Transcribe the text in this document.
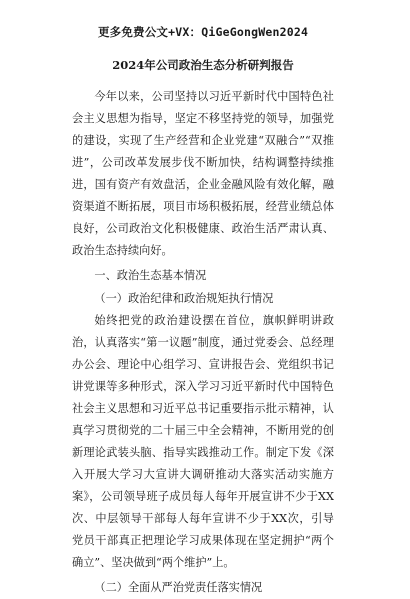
更多免费公文+VX：QiGeGongWen2024

2024年公司政治生态分析研判报告

今年以来，公司坚持以习近平新时代中国特色社会主义思想为指导，坚定不移坚持党的领导，加强党的建设，实现了生产经营和企业党建“双融合”“双推进”，公司改革发展步伐不断加快，结构调整持续推进，国有资产有效盘活，企业金融风险有效化解，融资渠道不断拓展，项目市场积极拓展，经营业绩总体良好，公司政治文化积极健康、政治生活严肃认真、政治生态持续向好。

一、政治生态基本情况

（一）政治纪律和政治规矩执行情况

始终把党的政治建设摆在首位，旗帜鲜明讲政治，认真落实“第一议题”制度，通过党委会、总经理办公会、理论中心组学习、宣讲报告会、党组织书记讲党课等多种形式，深入学习习近平新时代中国特色社会主义思想和习近平总书记重要指示批示精神，认真学习贯彻党的二十届三中全会精神，不断用党的创新理论武装头脑、指导实践推动工作。制定下发《深入开展大学习大宣讲大调研推动大落实活动实施方案》，公司领导班子成员每人每年开展宣讲不少于XX次、中层领导干部每人每年宣讲不少于XX次，引导党员干部真正把理论学习成果体现在坚定拥护“两个确立”、坚决做到“两个维护”上。

（二）全面从严治党责任落实情况
